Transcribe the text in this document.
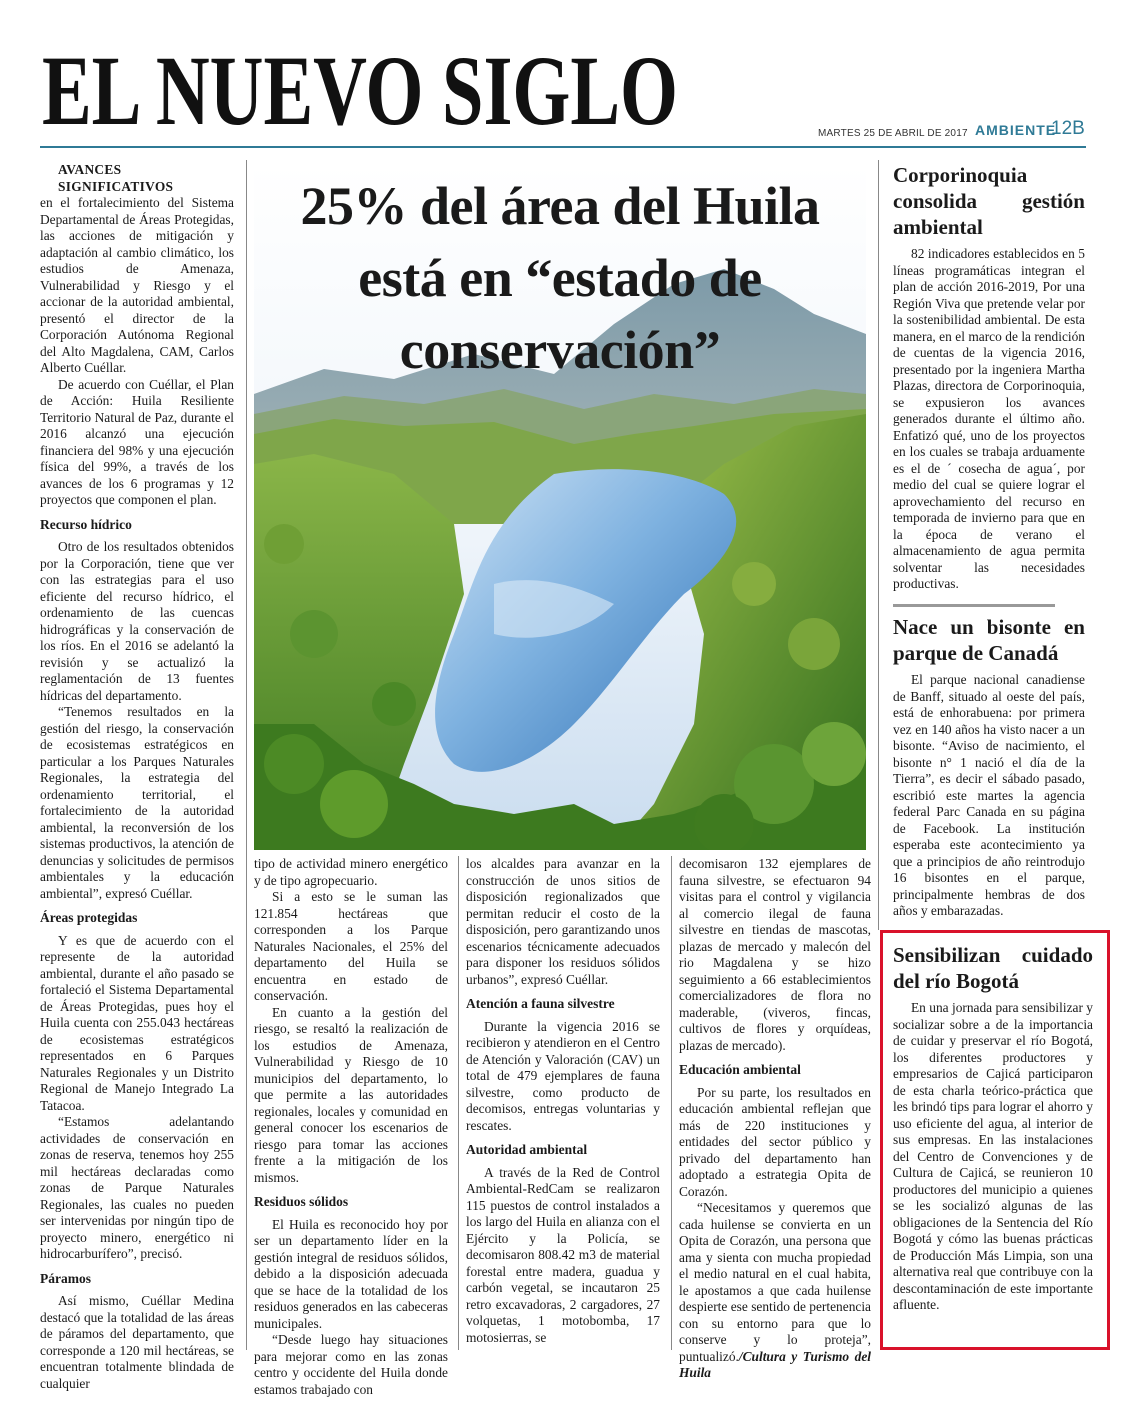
EL NUEVO SIGLO	MARTES 25 DE ABRIL DE 2017 AMBIENTE
12B

AVANCES SIGNIFICATIVOS
en el fortalecimiento del Sistema Departamental de Áreas Protegidas, las acciones de mitigación y adaptación al cambio climático, los estudios de Amenaza, Vulnerabilidad y Riesgo y el accionar de la autoridad ambiental, presentó el director de la Corporación Autónoma Regional del Alto Magdalena, CAM, Carlos Alberto Cuéllar.

De acuerdo con Cuéllar, el Plan de Acción: Huila Resiliente Territorio Natural de Paz, durante el 2016 alcanzó una ejecución financiera del 98% y una ejecución física del 99%, a través de los avances de los 6 programas y 12 proyectos que componen el plan.

Recurso hídrico

Otro de los resultados obtenidos por la Corporación, tiene que ver con las estrategias para el uso eficiente del recurso hídrico, el ordenamiento de las cuencas hidrográficas y la conservación de los ríos. En el 2016 se adelantó la revisión y se actualizó la reglamentación de 13 fuentes hídricas del departamento.

“Tenemos resultados en la gestión del riesgo, la conservación de ecosistemas estratégicos en particular a los Parques Naturales Regionales, la estrategia del ordenamiento territorial, el fortalecimiento de la autoridad ambiental, la reconversión de los sistemas productivos, la atención de denuncias y solicitudes de permisos ambientales y la educación ambiental”, expresó Cuéllar.

Áreas protegidas

Y es que de acuerdo con el represente de la autoridad ambiental, durante el año pasado se fortaleció el Sistema Departamental de Áreas Protegidas, pues hoy el Huila cuenta con 255.043 hectáreas de ecosistemas estratégicos representados en 6 Parques Naturales Regionales y un Distrito Regional de Manejo Integrado La Tatacoa.

“Estamos adelantando actividades de conservación en zonas de reserva, tenemos hoy 255 mil hectáreas declaradas como zonas de Parque Naturales Regionales, las cuales no pueden ser intervenidas por ningún tipo de proyecto minero, energético ni hidrocarburífero”, precisó.

Páramos

Así mismo, Cuéllar Medina destacó que la totalidad de las áreas de páramos del departamento, que corresponde a 120 mil hectáreas, se encuentran totalmente blindada de cualquier

25% del área del Huila
está en “estado de
conservación”

tipo de actividad minero energético y de tipo agropecuario.

Si a esto se le suman las 121.854 hectáreas que corresponden a los Parque Naturales Nacionales, el 25% del departamento del Huila se encuentra en estado de conservación.

En cuanto a la gestión del riesgo, se resaltó la realización de los estudios de Amenaza, Vulnerabilidad y Riesgo de 10 municipios del departamento, lo que permite a las autoridades regionales, locales y comunidad en general conocer los escenarios de riesgo para tomar las acciones frente a la mitigación de los mismos.

Residuos sólidos

El Huila es reconocido hoy por ser un departamento líder en la gestión integral de residuos sólidos, debido a la disposición adecuada que se hace de la totalidad de los residuos generados en las cabeceras municipales.

“Desde luego hay situaciones para mejorar como en las zonas centro y occidente del Huila donde estamos trabajado con

los alcaldes para avanzar en la construcción de unos sitios de disposición regionalizados que permitan reducir el costo de la disposición, pero garantizando unos escenarios técnicamente adecuados para disponer los residuos sólidos urbanos”, expresó Cuéllar.

Atención a fauna silvestre

Durante la vigencia 2016 se recibieron y atendieron en el Centro de Atención y Valoración (CAV) un total de 479 ejemplares de fauna silvestre, como producto de decomisos, entregas voluntarias y rescates.

Autoridad ambiental

A través de la Red de Control Ambiental-RedCam se realizaron 115 puestos de control instalados a los largo del Huila en alianza con el Ejército y la Policía, se decomisaron 808.42 m3 de material forestal entre madera, guadua y carbón vegetal, se incautaron 25 retro excavadoras, 2 cargadores, 27 volquetas, 1 motobomba, 17 motosierras, se

decomisaron 132 ejemplares de fauna silvestre, se efectuaron 94 visitas para el control y vigilancia al comercio ilegal de fauna silvestre en tiendas de mascotas, plazas de mercado y malecón del rio Magdalena y se hizo seguimiento a 66 establecimientos comercializadores de flora no maderable, (viveros, fincas, cultivos de flores y orquídeas, plazas de mercado).

Educación ambiental

Por su parte, los resultados en educación ambiental reflejan que más de 220 instituciones y entidades del sector público y privado del departamento han adoptado a estrategia Opita de Corazón.

“Necesitamos y queremos que cada huilense se convierta en un Opita de Corazón, una persona que ama y sienta con mucha propiedad el medio natural en el cual habita, le apostamos a que cada huilense despierte ese sentido de pertenencia con su entorno para que lo conserve y lo proteja”, puntualizó./Cultura y Turismo del Huila

Corporinoquia consolida gestión ambiental

82 indicadores establecidos en 5 líneas programáticas integran el plan de acción 2016-2019, Por una Región Viva que pretende velar por la sostenibilidad ambiental. De esta manera, en el marco de la rendición de cuentas de la vigencia 2016, presentado por la ingeniera Martha Plazas, directora de Corporinoquia, se expusieron los avances generados durante el último año. Enfatizó qué, uno de los proyectos en los cuales se trabaja arduamente es el de ´ cosecha de agua´, por medio del cual se quiere lograr el aprovechamiento del recurso en temporada de invierno para que en la época de verano el almacenamiento de agua permita solventar las necesidades productivas.

Nace un bisonte en parque de Canadá

El parque nacional canadiense de Banff, situado al oeste del país, está de enhorabuena: por primera vez en 140 años ha visto nacer a un bisonte. “Aviso de nacimiento, el bisonte n° 1 nació el día de la Tierra”, es decir el sábado pasado, escribió este martes la agencia federal Parc Canada en su página de Facebook. La institución esperaba este acontecimiento ya que a principios de año reintrodujo 16 bisontes en el parque, principalmente hembras de dos años y embarazadas.

Sensibilizan cuidado del río Bogotá

En una jornada para sensibilizar y socializar sobre a de la importancia de cuidar y preservar el río Bogotá, los diferentes productores y empresarios de Cajicá participaron de esta charla teórico-práctica que les brindó tips para lograr el ahorro y uso eficiente del agua, al interior de sus empresas. En las instalaciones del Centro de Convenciones y de Cultura de Cajicá, se reunieron 10 productores del municipio a quienes se les socializó algunas de las obligaciones de la Sentencia del Río Bogotá y cómo las buenas prácticas de Producción Más Limpia, son una alternativa real que contribuye con la descontaminación de este importante afluente.
